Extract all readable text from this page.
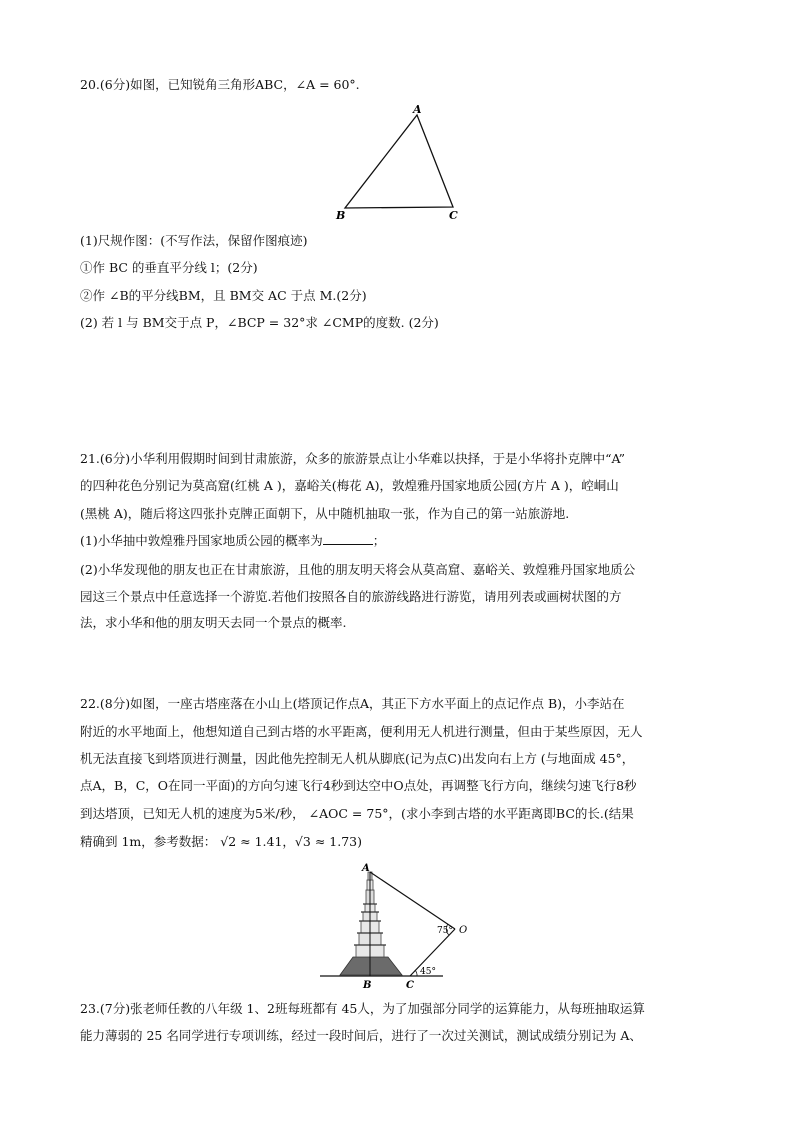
20.(6分)如图，已知锐角三角形ABC，∠A = 60°.
A
B	C
(1)尺规作图：(不写作法，保留作图痕迹)
①作 BC 的垂直平分线 l；(2分)
②作 ∠B的平分线BM，且 BM交 AC 于点 M.(2分)
(2) 若 l 与 BM交于点 P，∠BCP = 32°求 ∠CMP的度数. (2分)
21.(6分)小华利用假期时间到甘肃旅游，众多的旅游景点让小华难以抉择，于是小华将扑克牌中“A”
的四种花色分别记为莫高窟(红桃 A )，嘉峪关(梅花 A)，敦煌雅丹国家地质公园(方片 A )，崆峒山
(黑桃 A)，随后将这四张扑克牌正面朝下，从中随机抽取一张，作为自己的第一站旅游地.
(1)小华抽中敦煌雅丹国家地质公园的概率为	；
(2)小华发现他的朋友也正在甘肃旅游，且他的朋友明天将会从莫高窟、嘉峪关、敦煌雅丹国家地质公
园这三个景点中任意选择一个游览.若他们按照各自的旅游线路进行游览，请用列表或画树状图的方
法，求小华和他的朋友明天去同一个景点的概率.
22.(8分)如图，一座古塔座落在小山上(塔顶记作点A，其正下方水平面上的点记作点 B)，小李站在
附近的水平地面上，他想知道自己到古塔的水平距离，便利用无人机进行测量，但由于某些原因，无人
机无法直接飞到塔顶进行测量，因此他先控制无人机从脚底(记为点C)出发向右上方 (与地面成 45°，
点A，B，C，O在同一平面)的方向匀速飞行4秒到达空中O点处，再调整飞行方向，继续匀速飞行8秒
到达塔顶，已知无人机的速度为5米/秒， ∠AOC = 75°，(求小李到古塔的水平距离即BC的长.(结果
精确到 1m，参考数据： √2 ≈ 1.41，√3 ≈ 1.73)
A
O
75°
45°
B	C
23.(7分)张老师任教的八年级 1、2班每班都有 45人，为了加强部分同学的运算能力，从每班抽取运算
能力薄弱的 25 名同学进行专项训练，经过一段时间后，进行了一次过关测试，测试成绩分别记为 A、
